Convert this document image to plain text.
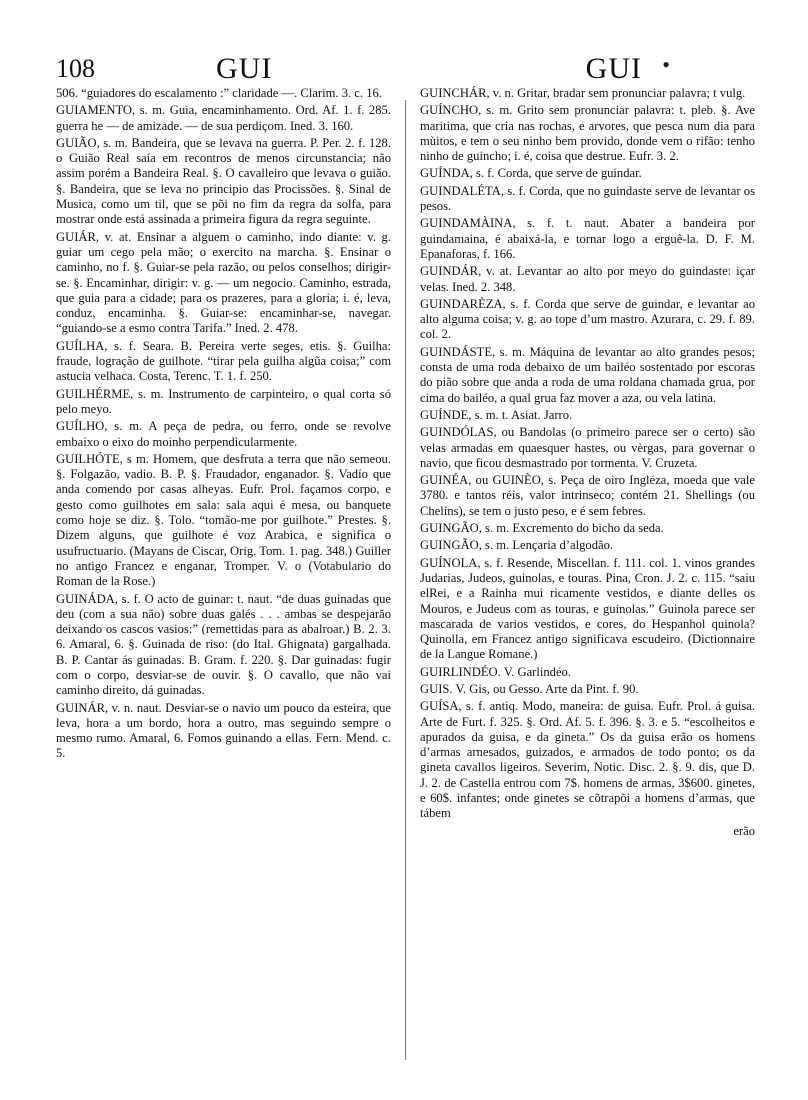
108	GUI	GUI •

506. “guiadores do escalamento :” claridade —. Clarim. 3. c. 16.

GUIAMENTO, s. m. Guia, encaminhamento. Ord. Af. 1. f. 285. guerra he — de amizade. — de sua perdiçom. Ined. 3. 160.

GUIÃO, s. m. Bandeira, que se levava na guerra. P. Per. 2. f. 128. o Guião Real saía em recontros de menos circunstancia; não assim porém a Bandeira Real. §. O cavalleiro que levava o guião. §. Bandeira, que se leva no principio das Procissões. §. Sinal de Musica, como um til, que se põi no fim da regra da solfa, para mostrar onde está assinada a primeira figura da regra seguinte.

GUIÁR, v. at. Ensinar a alguem o caminho, indo diante: v. g. guiar um cego pela mão; o exercito na marcha. §. Ensinar o caminho, no f. §. Guiar-se pela razão, ou pelos conselhos; dirigir-se. §. Encaminhar, dirigir: v. g. — um negocio. Caminho, estrada, que guia para a cidade; para os prazeres, para a gloria; i. é, leva, conduz, encaminha. §. Guiar-se: encaminhar-se, navegar. “guiando-se a esmo contra Tarifa.” Ined. 2. 478.

GUÍLHA, s. f. Seara. B. Pereira verte seges, etis. §. Guilha: fraude, logração de guilhote. “tirar pela guilha algũa coisa;” com astucia velhaca. Costa, Terenc. T. 1. f. 250.

GUILHÉRME, s. m. Instrumento de carpinteiro, o qual corta só pelo meyo.

GUÍLHO, s. m. A peça de pedra, ou ferro, onde se revolve embaixo o eixo do moinho perpendicularmente.

GUILHÓTE, s m. Homem, que desfruta a terra que não semeou. §. Folgazão, vadio. B. P. §. Fraudador, enganador. §. Vadío que anda comendo por casas alheyas. Eufr. Prol. façamos corpo, e gesto como guilhotes em sala: sala aqui é mesa, ou banquete como hoje se diz. §. Tolo. “tomão-me por guilhote.” Prestes. §. Dizem alguns, que guilhote é voz Arabica, e significa o usufructuario. (Mayans de Ciscar, Orig. Tom. 1. pag. 348.) Guiller no antigo Francez e enganar, Tromper. V. o (Votabulario do Roman de la Rose.)

GUINÁDA, s. f. O acto de guinar: t. naut. “de duas guinadas que deu (com a sua não) sobre duas galés . . . ambas se despejarão deixando os cascos vasios:” (remettidas para as abalroar.) B. 2. 3. 6. Amaral, 6. §. Guinada de riso: (do Ital. Ghignata) gargalhada. B. P. Cantar ás guinadas. B. Gram. f. 220. §. Dar guinadas: fugir com o corpo, desviar-se de ouvir. §. O cavallo, que não vai caminho direito, dá guinadas.

GUINÁR, v. n. naut. Desviar-se o navio um pouco da esteira, que leva, hora a um bordo, hora a outro, mas seguindo sempre o mesmo rumo. Amaral, 6. Fomos guinando a ellas. Fern. Mend. c. 5.

GUINCHÁR, v. n. Gritar, bradar sem pronunciar palavra; t vulg.

GUÍNCHO, s. m. Grito sem pronunciar palavra: t. pleb. §. Ave maritima, que cria nas rochas, e arvores, que pesca num dia para mùitos, e tem o seu ninho bem provido, donde vem o rifão: tenho ninho de guincho; i. é, coisa que destrue. Eufr. 3. 2.

GUÍNDA, s. f. Corda, que serve de guindar.

GUINDALÉTA, s. f. Corda, que no guindaste serve de levantar os pesos.

GUINDAMÀINA, s. f. t. naut. Abater a bandeira por guindamaina, é abaixá-la, e tornar logo a erguê-la. D. F. M. Epanaforas, f. 166.

GUINDÁR, v. at. Levantar ao alto por meyo do guindaste: içar velas. Ined. 2. 348.

GUINDARÈZA, s. f. Corda que serve de guindar, e levantar ao alto alguma coisa; v. g. ao tope d’um mastro. Azurara, c. 29. f. 89. col. 2.

GUINDÁSTE, s. m. Máquina de levantar ao alto grandes pesos; consta de uma roda debaixo de um bailéo sostentado por escoras do pião sobre que anda a roda de uma roldana chamada grua, por cima do bailéo, a qual grua faz mover a aza, ou vela latina.

GUÍNDE, s. m. t. Asiat. Jarro.

GUINDÓLAS, ou Bandolas (o primeiro parece ser o certo) são velas armadas em quaesquer hastes, ou vèrgas, para governar o navio, que ficou desmastrado por tormenta. V. Cruzeta.

GUINÉA, ou GUINÈO, s. Peça de oiro Ingléza, moeda que vale 3780. e tantos réis, valor intrinseco; contém 21. Shellings (ou Chelins), se tem o justo peso, e é sem febres.

GUINGÃO, s. m. Excremento do bicho da seda.

GUINGÃO, s. m. Lençaria d’algodão.

GUÍNOLA, s. f. Resende, Miscellan. f. 111. col. 1. vinos grandes Judarias, Judeos, guinolas, e touras. Pina, Cron. J. 2. c. 115. “saiu elRei, e a Rainha mui ricamente vestidos, e diante delles os Mouros, e Judeus com as touras, e guinolas.” Guinola parece ser mascarada de varios vestidos, e cores, do Hespanhol quinola? Quinolla, em Francez antigo significava escudeiro. (Dictionnaire de la Langue Romane.)

GUIRLINDÉO. V. Garlindéo.

GUIS. V. Gis, ou Gesso. Arte da Pint. f. 90.

GUÍSA, s. f. antiq. Modo, maneira: de guisa. Eufr. Prol. á guisa. Arte de Furt. f. 325. §. Ord. Af. 5. f. 396. §. 3. e 5. “escolheitos e apurados da guisa, e da gineta.” Os da guisa erão os homens d’armas arnesados, guizados, e armados de todo ponto; os da gineta cavallos ligeiros. Severim, Notic. Disc. 2. §. 9. dis, que D. J. 2. de Castella entrou com 7$. homens de armas, 3$600. ginetes, e 60$. infantes; onde ginetes se cõtrapõi a homens d’armas, que tábem

erão
